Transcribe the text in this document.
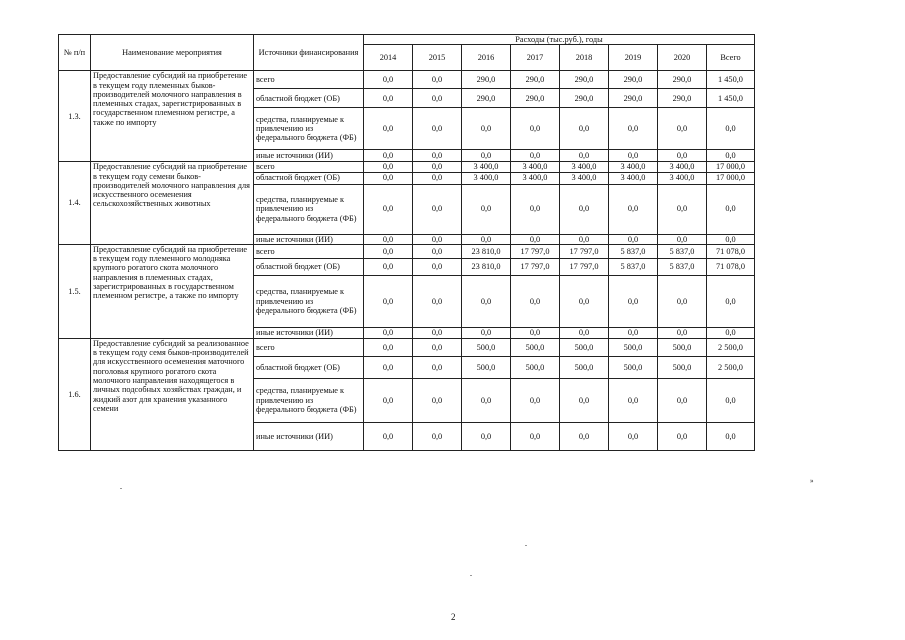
№ п/п	Наименование мероприятия	Источники финансирования	Расходы (тыс.руб.), годы							
			2014	2015	2016	2017	2018	2019	2020	Всего
1.3.	Предоставление субсидий на приобретение в текущем году племенных быков-производителей молочного направления в племенных стадах, зарегистрированных в государственном племенном регистре, а также по импорту	всего	0,0	0,0	290,0	290,0	290,0	290,0	290,0	1 450,0
		областной бюджет (ОБ)	0,0	0,0	290,0	290,0	290,0	290,0	290,0	1 450,0
		средства, планируемые к привлечению из федерального бюджета (ФБ)	0,0	0,0	0,0	0,0	0,0	0,0	0,0	0,0
		иные источники (ИИ)	0,0	0,0	0,0	0,0	0,0	0,0	0,0	0,0
1.4.	Предоставление субсидий на приобретение в текущем году семени быков-производителей молочного направления для искусственного осеменения сельскохозяйственных животных	всего	0,0	0,0	3 400,0	3 400,0	3 400,0	3 400,0	3 400,0	17 000,0
		областной бюджет (ОБ)	0,0	0,0	3 400,0	3 400,0	3 400,0	3 400,0	3 400,0	17 000,0
		средства, планируемые к привлечению из федерального бюджета (ФБ)	0,0	0,0	0,0	0,0	0,0	0,0	0,0	0,0
		иные источники (ИИ)	0,0	0,0	0,0	0,0	0,0	0,0	0,0	0,0
1.5.	Предоставление субсидий на приобретение в текущем году племенного молодняка крупного рогатого скота молочного направления в племенных стадах, зарегистрированных в государственном племенном регистре, а также по импорту	всего	0,0	0,0	23 810,0	17 797,0	17 797,0	5 837,0	5 837,0	71 078,0
		областной бюджет (ОБ)	0,0	0,0	23 810,0	17 797,0	17 797,0	5 837,0	5 837,0	71 078,0
		средства, планируемые к привлечению из федерального бюджета (ФБ)	0,0	0,0	0,0	0,0	0,0	0,0	0,0	0,0
		иные источники (ИИ)	0,0	0,0	0,0	0,0	0,0	0,0	0,0	0,0
1.6.	Предоставление субсидий за реализованное в текущем году семя быков-производителей для искусственного осеменения маточного поголовья крупного рогатого скота молочного направления находящегося в личных подсобных хозяйствах граждан, и жидкий азот для хранения указанного семени	всего	0,0	0,0	500,0	500,0	500,0	500,0	500,0	2 500,0
		областной бюджет (ОБ)	0,0	0,0	500,0	500,0	500,0	500,0	500,0	2 500,0
		средства, планируемые к привлечению из федерального бюджета (ФБ)	0,0	0,0	0,0	0,0	0,0	0,0	0,0	0,0
		иные источники (ИИ)	0,0	0,0	0,0	0,0	0,0	0,0	0,0	0,0
»
2
